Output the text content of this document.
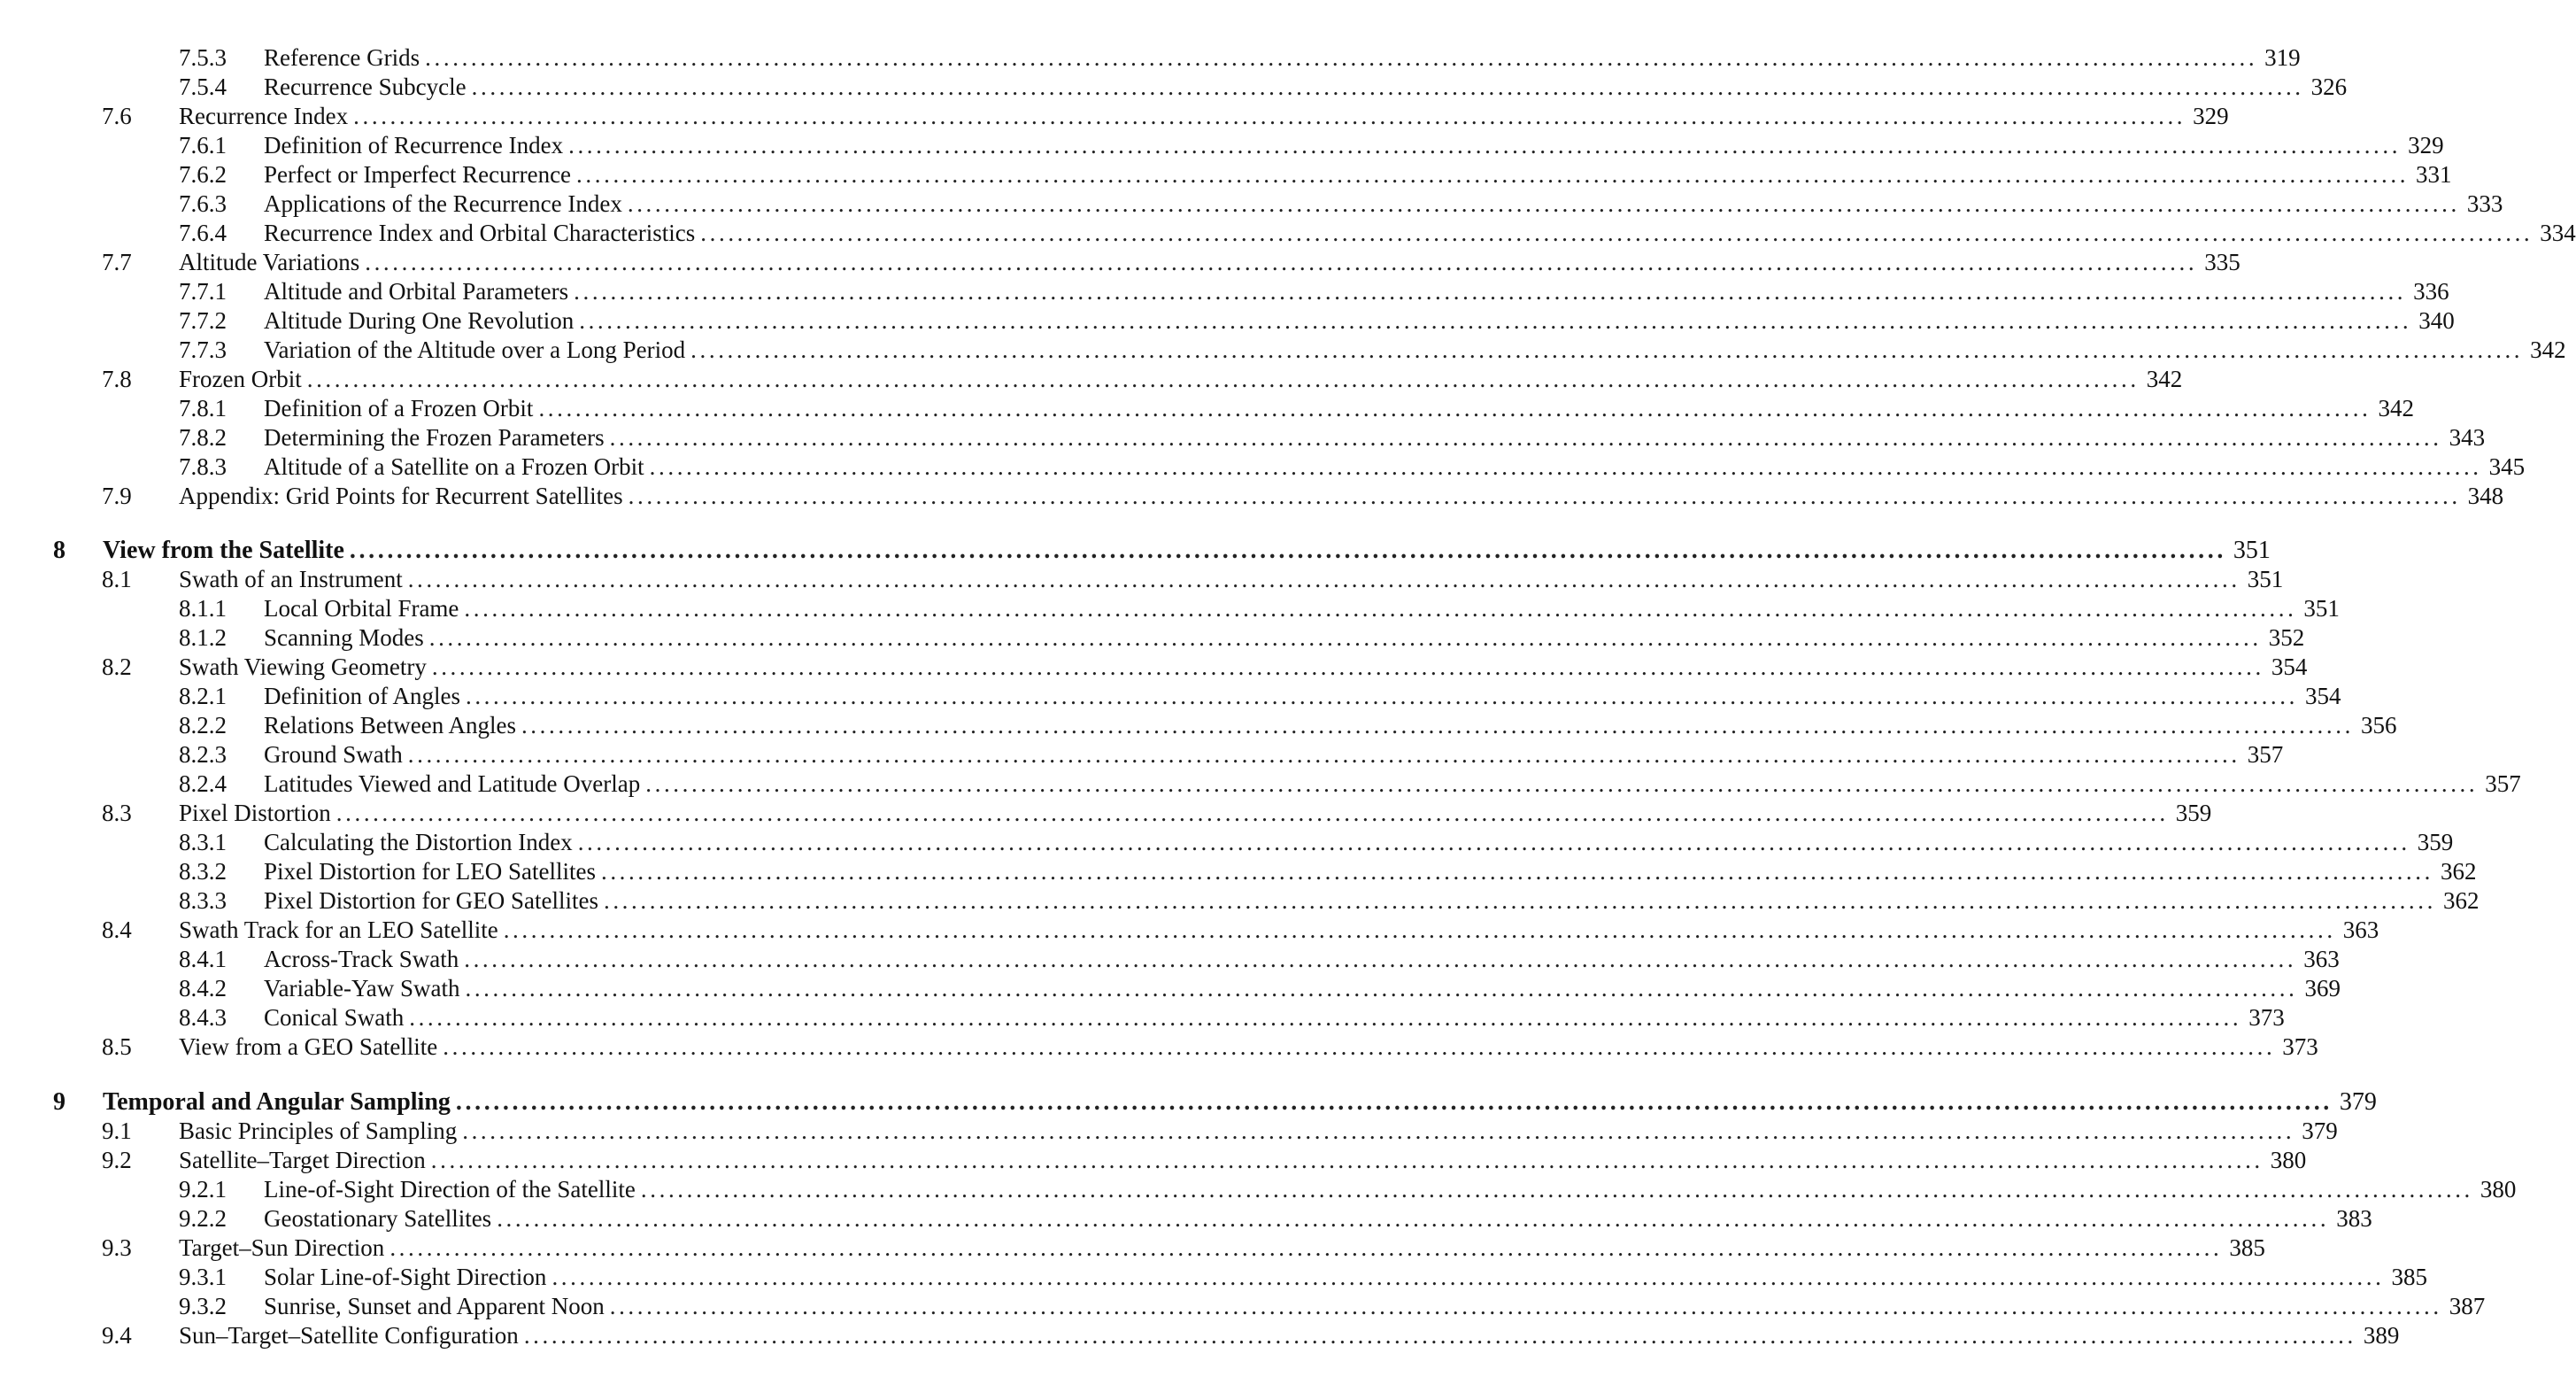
7.5.3 Reference Grids ........................................................................................................................................................................................................ 319
7.5.4 Recurrence Subcycle ........................................................................................................................................................................................................ 326
7.6 Recurrence Index ........................................................................................................................................................................................................ 329
7.6.1 Definition of Recurrence Index ........................................................................................................................................................................................................ 329
7.6.2 Perfect or Imperfect Recurrence ........................................................................................................................................................................................................ 331
7.6.3 Applications of the Recurrence Index ........................................................................................................................................................................................................ 333
7.6.4 Recurrence Index and Orbital Characteristics ........................................................................................................................................................................................................ 334
7.7 Altitude Variations ........................................................................................................................................................................................................ 335
7.7.1 Altitude and Orbital Parameters ........................................................................................................................................................................................................ 336
7.7.2 Altitude During One Revolution ........................................................................................................................................................................................................ 340
7.7.3 Variation of the Altitude over a Long Period ........................................................................................................................................................................................................ 342
7.8 Frozen Orbit ........................................................................................................................................................................................................ 342
7.8.1 Definition of a Frozen Orbit ........................................................................................................................................................................................................ 342
7.8.2 Determining the Frozen Parameters ........................................................................................................................................................................................................ 343
7.8.3 Altitude of a Satellite on a Frozen Orbit ........................................................................................................................................................................................................ 345
7.9 Appendix: Grid Points for Recurrent Satellites ........................................................................................................................................................................................................ 348
8 View from the Satellite ........................................................................................................................................................................................................ 351
8.1 Swath of an Instrument ........................................................................................................................................................................................................ 351
8.1.1 Local Orbital Frame ........................................................................................................................................................................................................ 351
8.1.2 Scanning Modes ........................................................................................................................................................................................................ 352
8.2 Swath Viewing Geometry ........................................................................................................................................................................................................ 354
8.2.1 Definition of Angles ........................................................................................................................................................................................................ 354
8.2.2 Relations Between Angles ........................................................................................................................................................................................................ 356
8.2.3 Ground Swath ........................................................................................................................................................................................................ 357
8.2.4 Latitudes Viewed and Latitude Overlap ........................................................................................................................................................................................................ 357
8.3 Pixel Distortion ........................................................................................................................................................................................................ 359
8.3.1 Calculating the Distortion Index ........................................................................................................................................................................................................ 359
8.3.2 Pixel Distortion for LEO Satellites ........................................................................................................................................................................................................ 362
8.3.3 Pixel Distortion for GEO Satellites ........................................................................................................................................................................................................ 362
8.4 Swath Track for an LEO Satellite ........................................................................................................................................................................................................ 363
8.4.1 Across-Track Swath ........................................................................................................................................................................................................ 363
8.4.2 Variable-Yaw Swath ........................................................................................................................................................................................................ 369
8.4.3 Conical Swath ........................................................................................................................................................................................................ 373
8.5 View from a GEO Satellite ........................................................................................................................................................................................................ 373
9 Temporal and Angular Sampling ........................................................................................................................................................................................................ 379
9.1 Basic Principles of Sampling ........................................................................................................................................................................................................ 379
9.2 Satellite–Target Direction ........................................................................................................................................................................................................ 380
9.2.1 Line-of-Sight Direction of the Satellite ........................................................................................................................................................................................................ 380
9.2.2 Geostationary Satellites ........................................................................................................................................................................................................ 383
9.3 Target–Sun Direction ........................................................................................................................................................................................................ 385
9.3.1 Solar Line-of-Sight Direction ........................................................................................................................................................................................................ 385
9.3.2 Sunrise, Sunset and Apparent Noon ........................................................................................................................................................................................................ 387
9.4 Sun–Target–Satellite Configuration ........................................................................................................................................................................................................ 389
